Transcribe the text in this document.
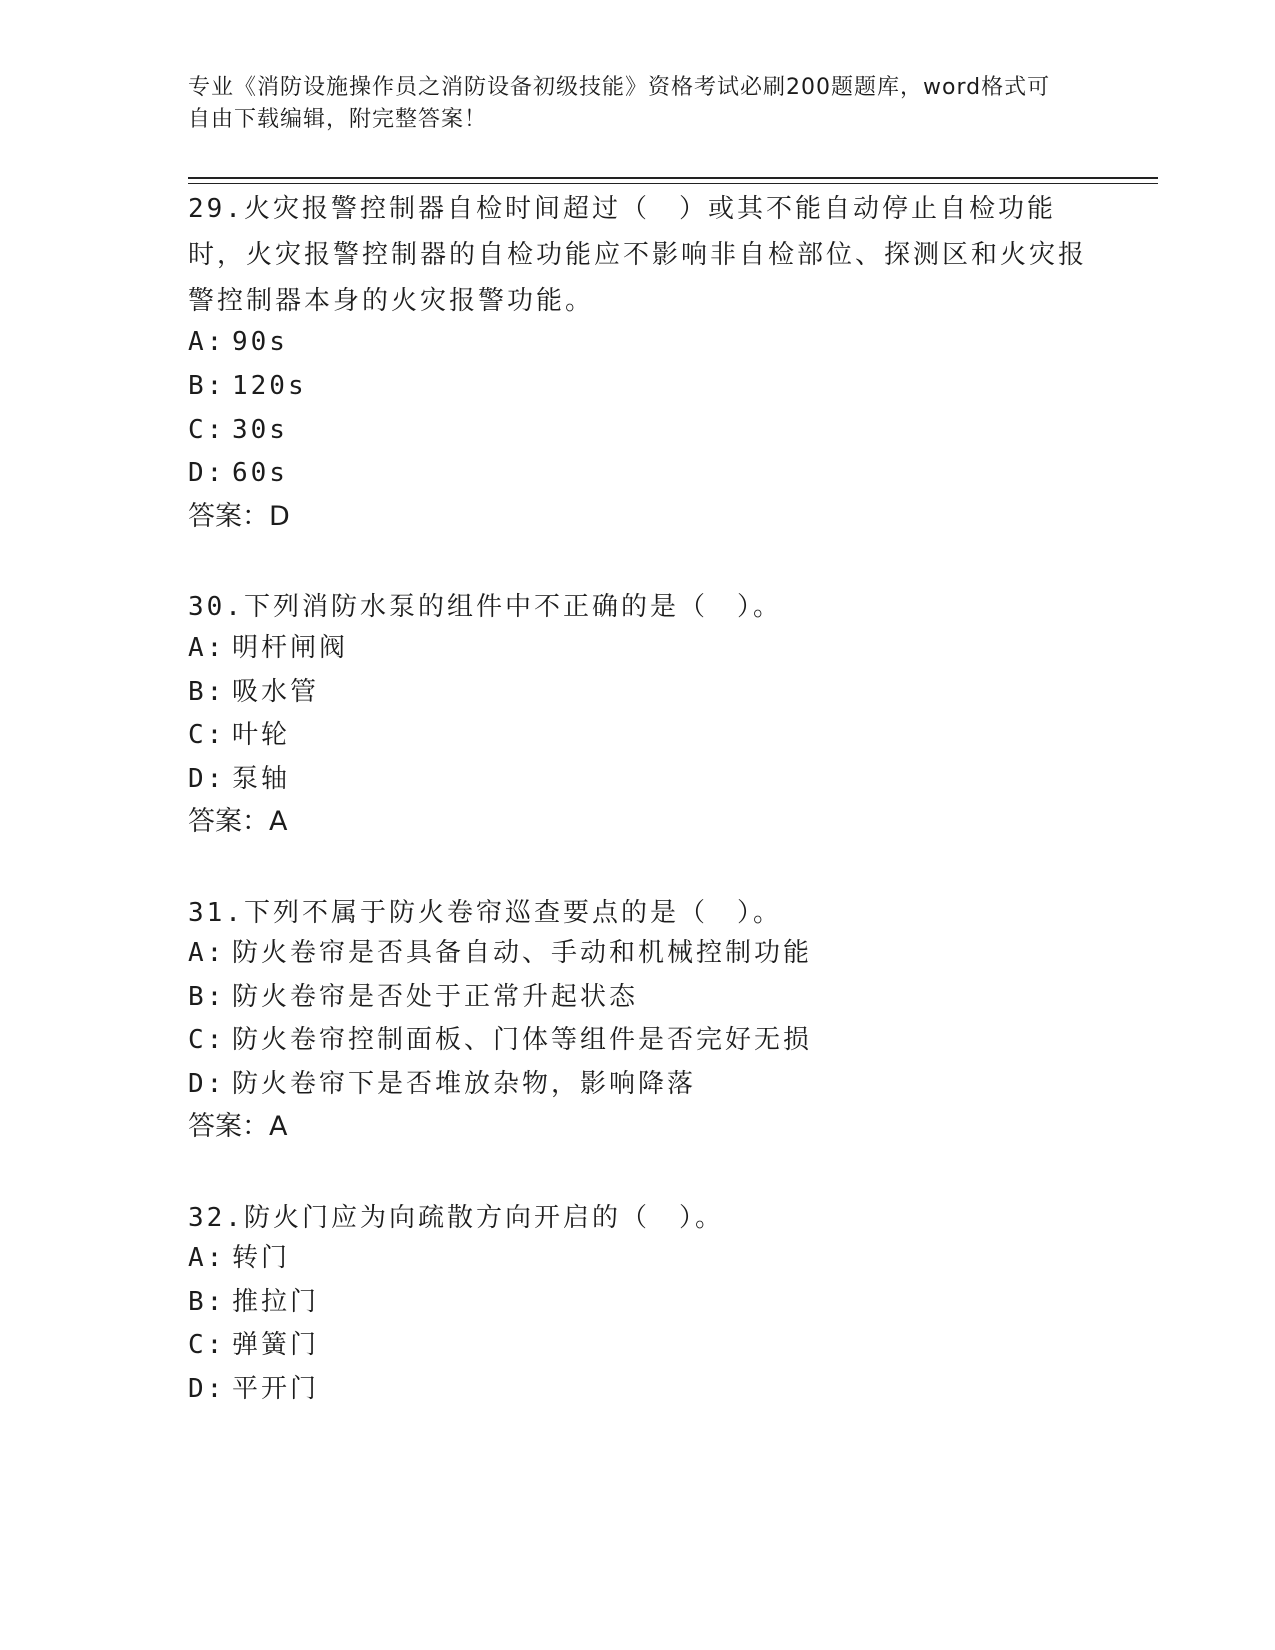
专业《消防设施操作员之消防设备初级技能》资格考试必刷200题题库，word格式可自由下载编辑，附完整答案！
29.火灾报警控制器自检时间超过（　）或其不能自动停止自检功能时，火灾报警控制器的自检功能应不影响非自检部位、探测区和火灾报警控制器本身的火灾报警功能。
A: 90s
B: 120s
C: 30s
D: 60s
答案：D
30.下列消防水泵的组件中不正确的是（　）。
A: 明杆闸阀
B: 吸水管
C: 叶轮
D: 泵轴
答案：A
31.下列不属于防火卷帘巡查要点的是（　）。
A: 防火卷帘是否具备自动、手动和机械控制功能
B: 防火卷帘是否处于正常升起状态
C: 防火卷帘控制面板、门体等组件是否完好无损
D: 防火卷帘下是否堆放杂物，影响降落
答案：A
32.防火门应为向疏散方向开启的（　）。
A: 转门
B: 推拉门
C: 弹簧门
D: 平开门
